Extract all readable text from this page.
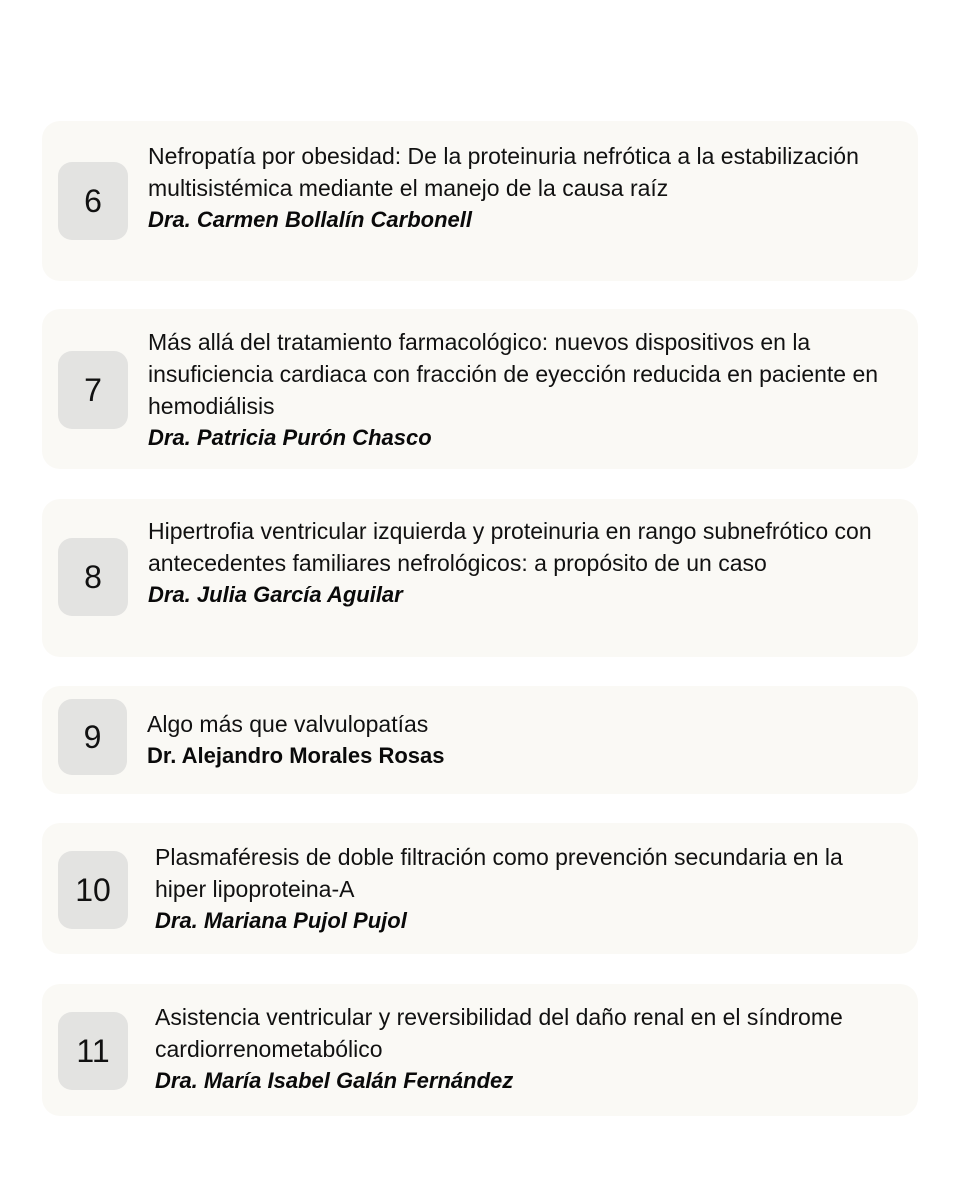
6

Nefropatía por obesidad: De la proteinuria nefrótica a la estabilización multisistémica mediante el manejo de la causa raíz

Dra. Carmen Bollalín Carbonell

7

Más allá del tratamiento farmacológico: nuevos dispositivos en la insuficiencia cardiaca con fracción de eyección reducida en paciente en hemodiálisis

Dra. Patricia Purón Chasco

8

Hipertrofia ventricular izquierda y proteinuria en rango subnefrótico con antecedentes familiares nefrológicos: a propósito de un caso

Dra. Julia García Aguilar

9	Algo más que valvulopatías

Dr. Alejandro Morales Rosas

10

Plasmaféresis de doble filtración como prevención secundaria en la hiper lipoproteina-A

Dra. Mariana Pujol Pujol

11

Asistencia ventricular y reversibilidad del daño renal en el síndrome cardiorrenometabólico

Dra. María Isabel Galán Fernández
